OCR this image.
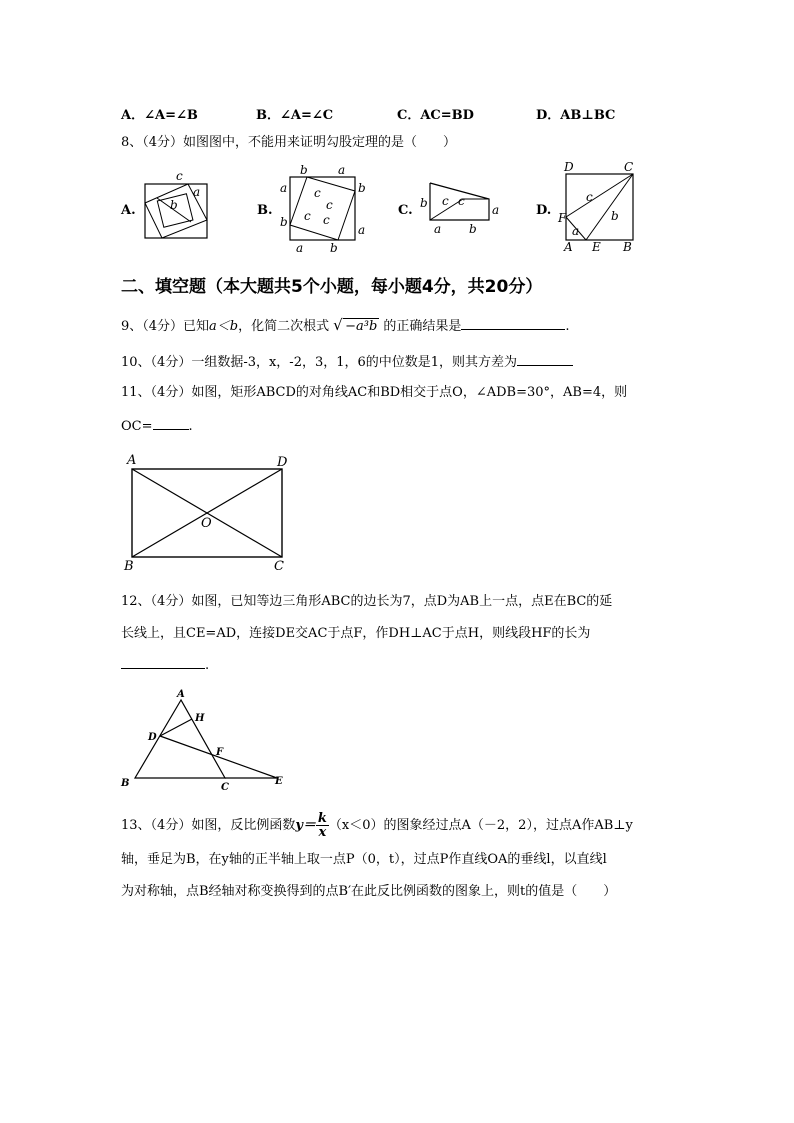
A．∠A=∠B	B．∠A=∠C	C．AC=BD	D．AB⊥BC
8、（4分）如图图中，不能用来证明勾股定理的是（　　）
A.
c
a
b	B.
b	a
a	b
b
a
a b
c
c
c c
C. b c c
a
a b
D.
D	C
F
A E B
c
b
a
二、填空题（本大题共5个小题，每小题4分，共20分）
9、（4分）已知a＜b，化简二次根式 √ −a³b 的正确结果是	.
10、（4分）一组数据-3，x，-2，3，1，6的中位数是1，则其方差为
11、（4分）如图，矩形ABCD的对角线AC和BD相交于点O，∠ADB=30°，AB=4，则
OC=	.
A	D
O
B	C
12、（4分）如图，已知等边三角形ABC的边长为7，点D为AB上一点，点E在BC的延
长线上，且CE=AD，连接DE交AC于点F，作DH⊥AC于点H，则线段HF的长为
.
A
H
D
F
B	C
E
13、（4分）如图，反比例函数$y= \frac{k}{x} (x<0)$的图象经过点A（－2，2），过点A作AB⊥y
轴，垂足为B，在y轴的正半轴上取一点P（0，t），过点P作直线OA的垂线l，以直线l
为对称轴，点B经轴对称变换得到的点B′在此反比例函数的图象上，则t的值是（　　）
